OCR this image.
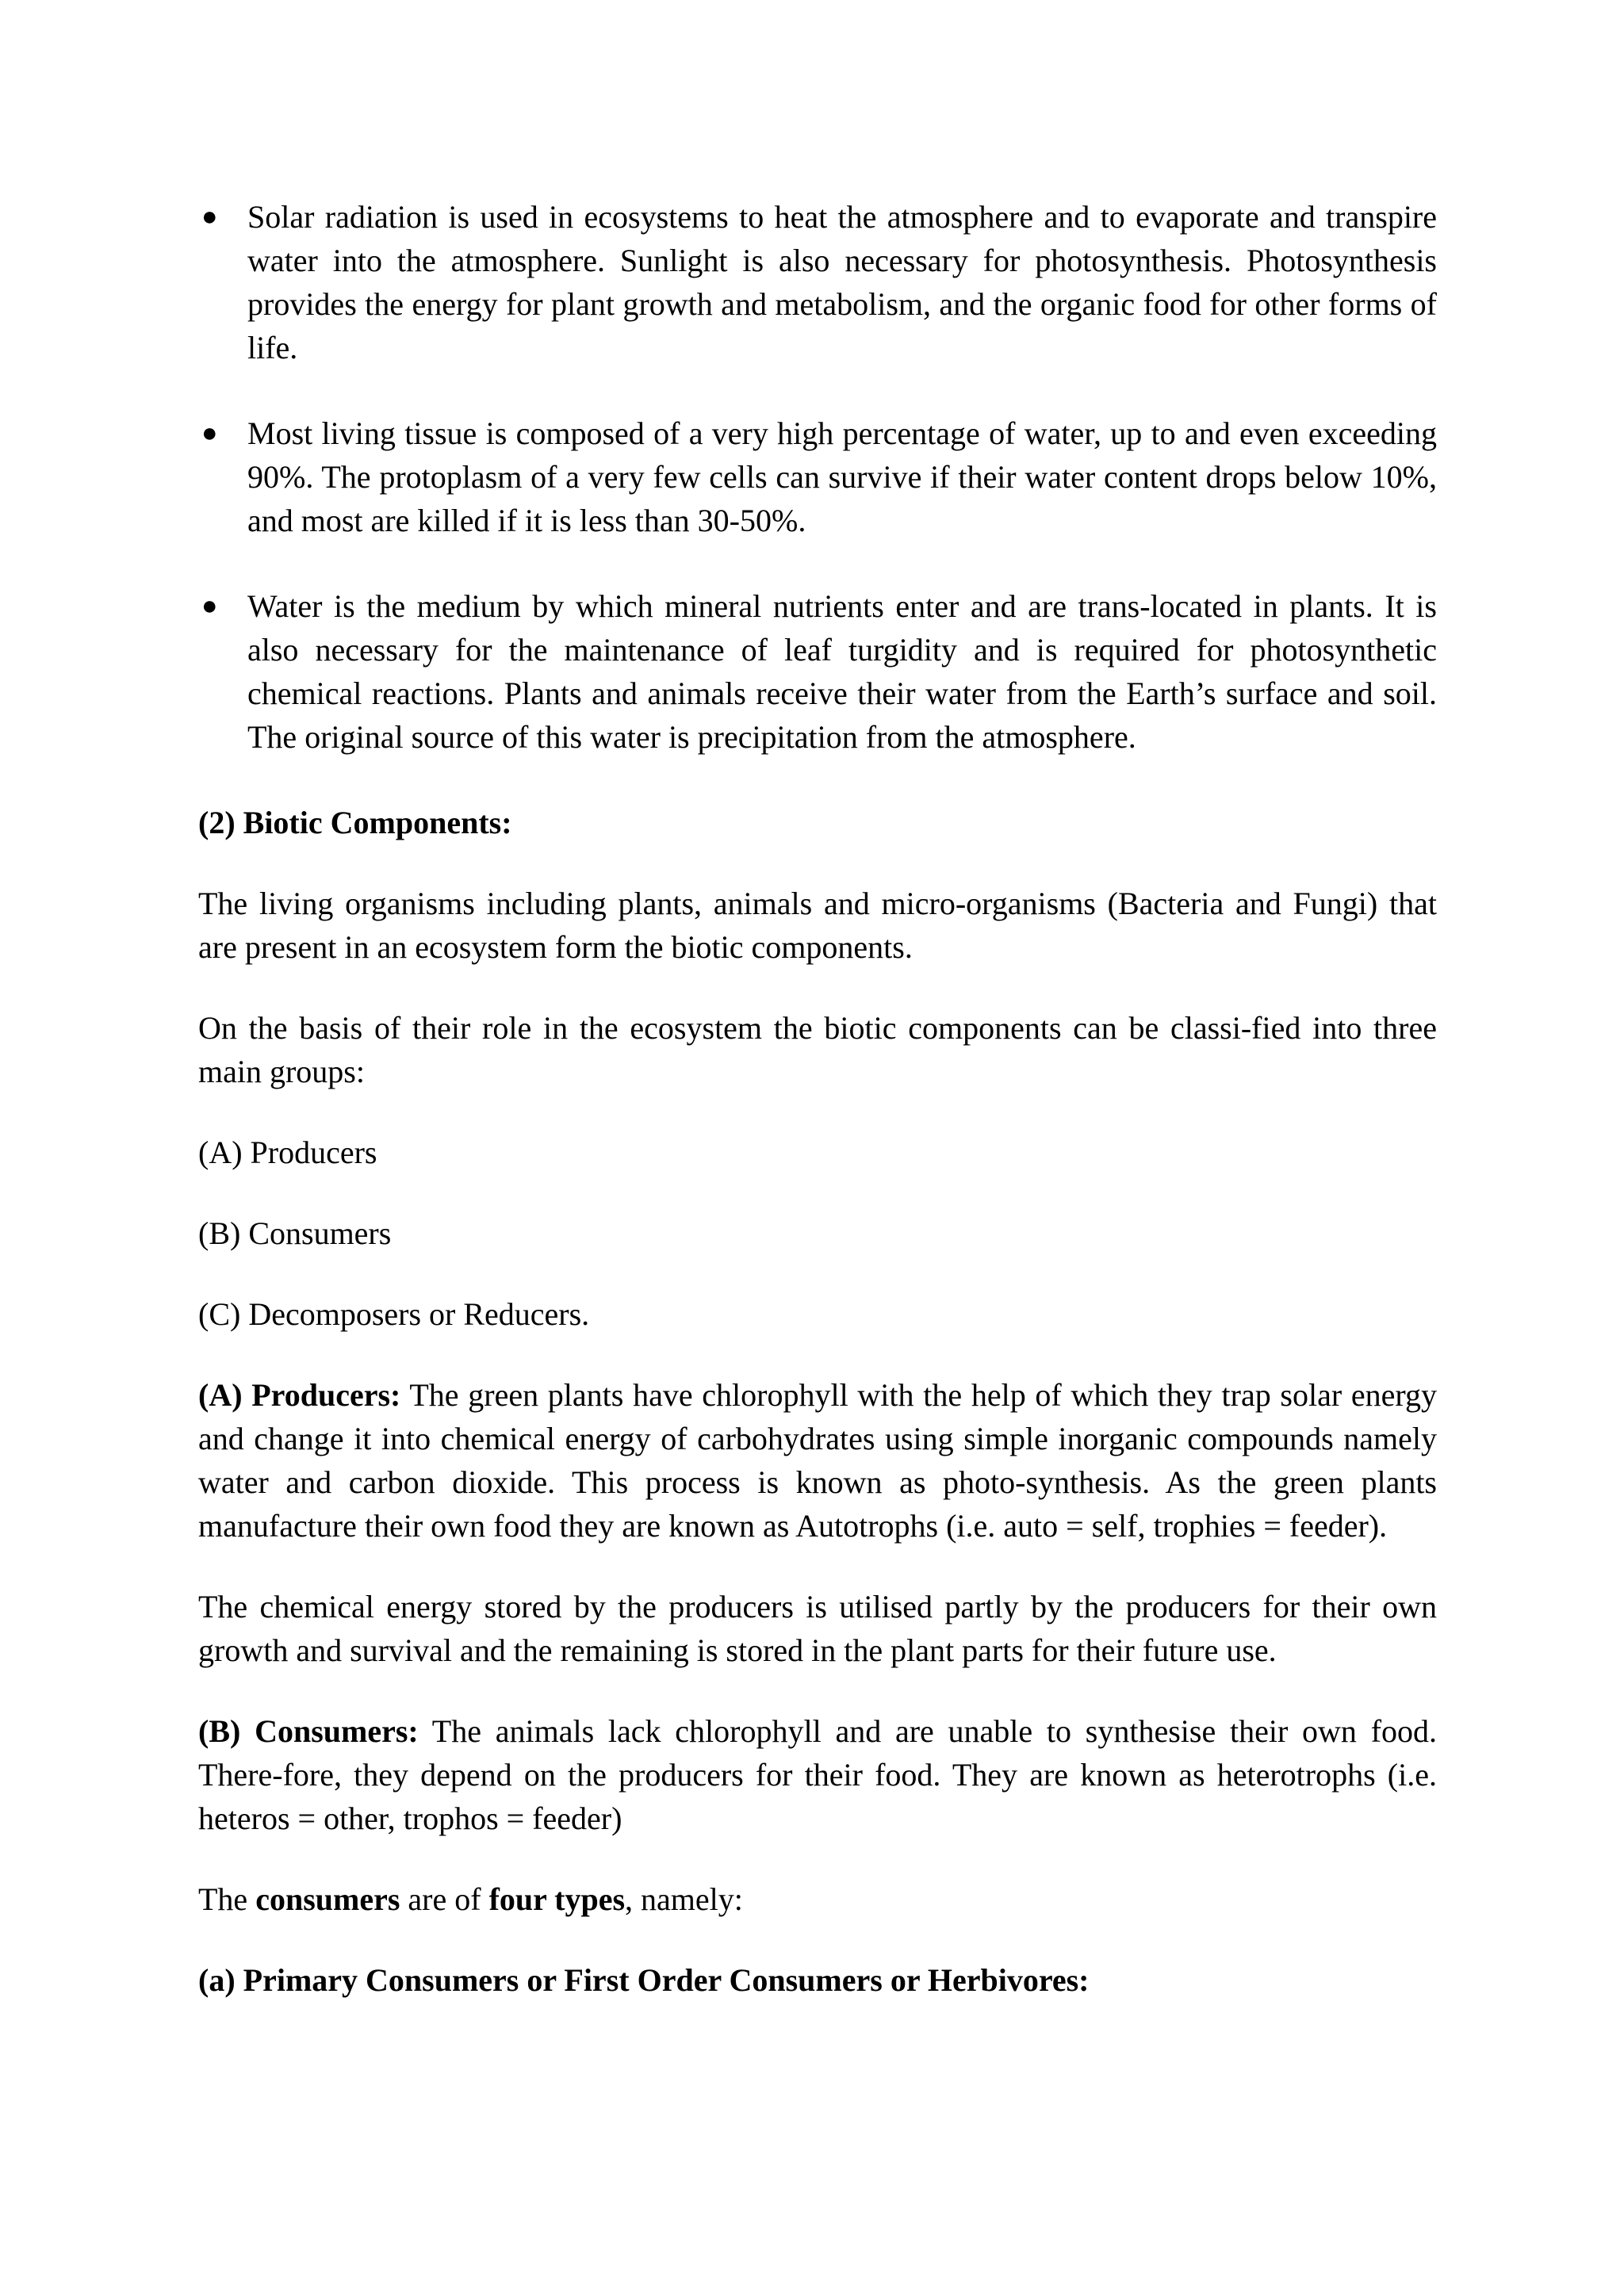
● Solar radiation is used in ecosystems to heat the atmosphere and to evaporate and transpire water into the atmosphere. Sunlight is also necessary for photosynthesis. Photosynthesis provides the energy for plant growth and metabolism, and the organic food for other forms of life.
● Most living tissue is composed of a very high percentage of water, up to and even exceeding 90%. The protoplasm of a very few cells can survive if their water content drops below 10%, and most are killed if it is less than 30-50%.
● Water is the medium by which mineral nutrients enter and are trans-located in plants. It is also necessary for the maintenance of leaf turgidity and is required for photosynthetic chemical reactions. Plants and animals receive their water from the Earth’s surface and soil. The original source of this water is precipitation from the atmosphere.

(2) Biotic Components:

The living organisms including plants, animals and micro-organisms (Bacteria and Fungi) that are present in an ecosystem form the biotic components.

On the basis of their role in the ecosystem the biotic components can be classi-fied into three main groups:

(A) Producers

(B) Consumers

(C) Decomposers or Reducers.

(A) Producers: The green plants have chlorophyll with the help of which they trap solar energy and change it into chemical energy of carbohydrates using simple inorganic compounds namely water and carbon dioxide. This process is known as photo-synthesis. As the green plants manufacture their own food they are known as Autotrophs (i.e. auto = self, trophies = feeder).

The chemical energy stored by the producers is utilised partly by the producers for their own growth and survival and the remaining is stored in the plant parts for their future use.

(B) Consumers: The animals lack chlorophyll and are unable to synthesise their own food. There-fore, they depend on the producers for their food. They are known as heterotrophs (i.e. heteros = other, trophos = feeder)

The consumers are of four types, namely:

(a) Primary Consumers or First Order Consumers or Herbivores:
